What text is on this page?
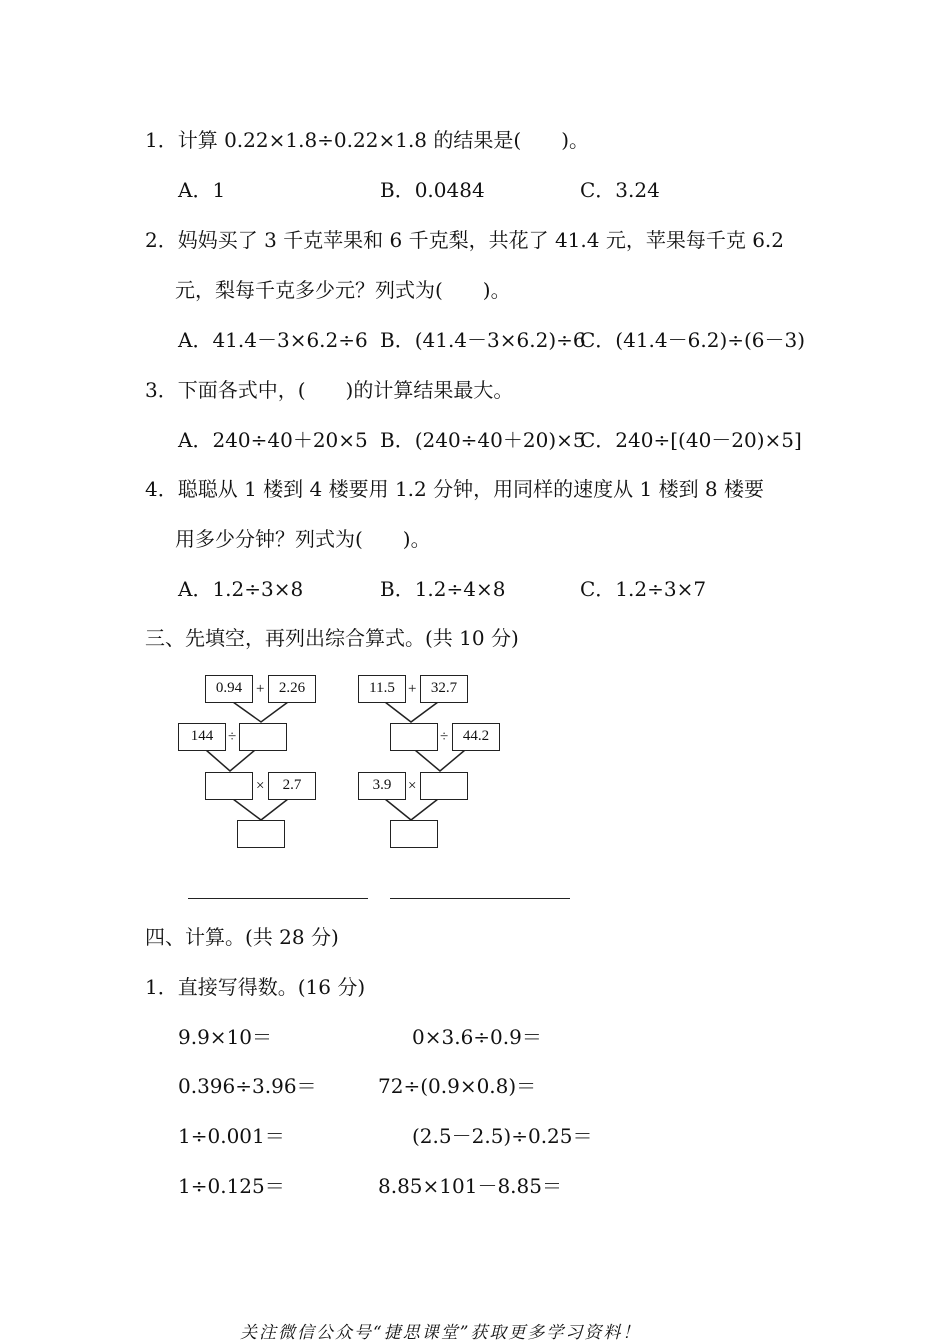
1．计算 0.22×1.8÷0.22×1.8 的结果是(　　)。
A．1	B．0.0484	C．3.24
2．妈妈买了 3 千克苹果和 6 千克梨，共花了 41.4 元，苹果每千克 6.2
元，梨每千克多少元？列式为(　　)。
A．41.4－3×6.2÷6 B．(41.4－3×6.2)÷6
C．(41.4－6.2)÷(6－3)
3．下面各式中，(　　)的计算结果最大。
A．240÷40＋20×5 B．(240÷40＋20)×5
C．240÷[(40－20)×5]
4．聪聪从 1 楼到 4 楼要用 1.2 分钟，用同样的速度从 1 楼到 8 楼要
用多少分钟？列式为(　　)。
A．1.2÷3×8	B．1.2÷4×8	C．1.2÷3×7
三、先填空，再列出综合算式。(共 10 分)
0.94 + 2.26
144 ÷
×	2.7
11.5 + 32.7
÷ 44.2
3.9	×
四、计算。(共 28 分)
1．直接写得数。(16 分)
9.9×10＝	0×3.6÷0.9＝
0.396÷3.96＝	72÷(0.9×0.8)＝
1÷0.001＝	(2.5－2.5)÷0.25＝
1÷0.125＝	8.85×101－8.85＝
关注微信公众号“捷思课堂”获取更多学习资料！
